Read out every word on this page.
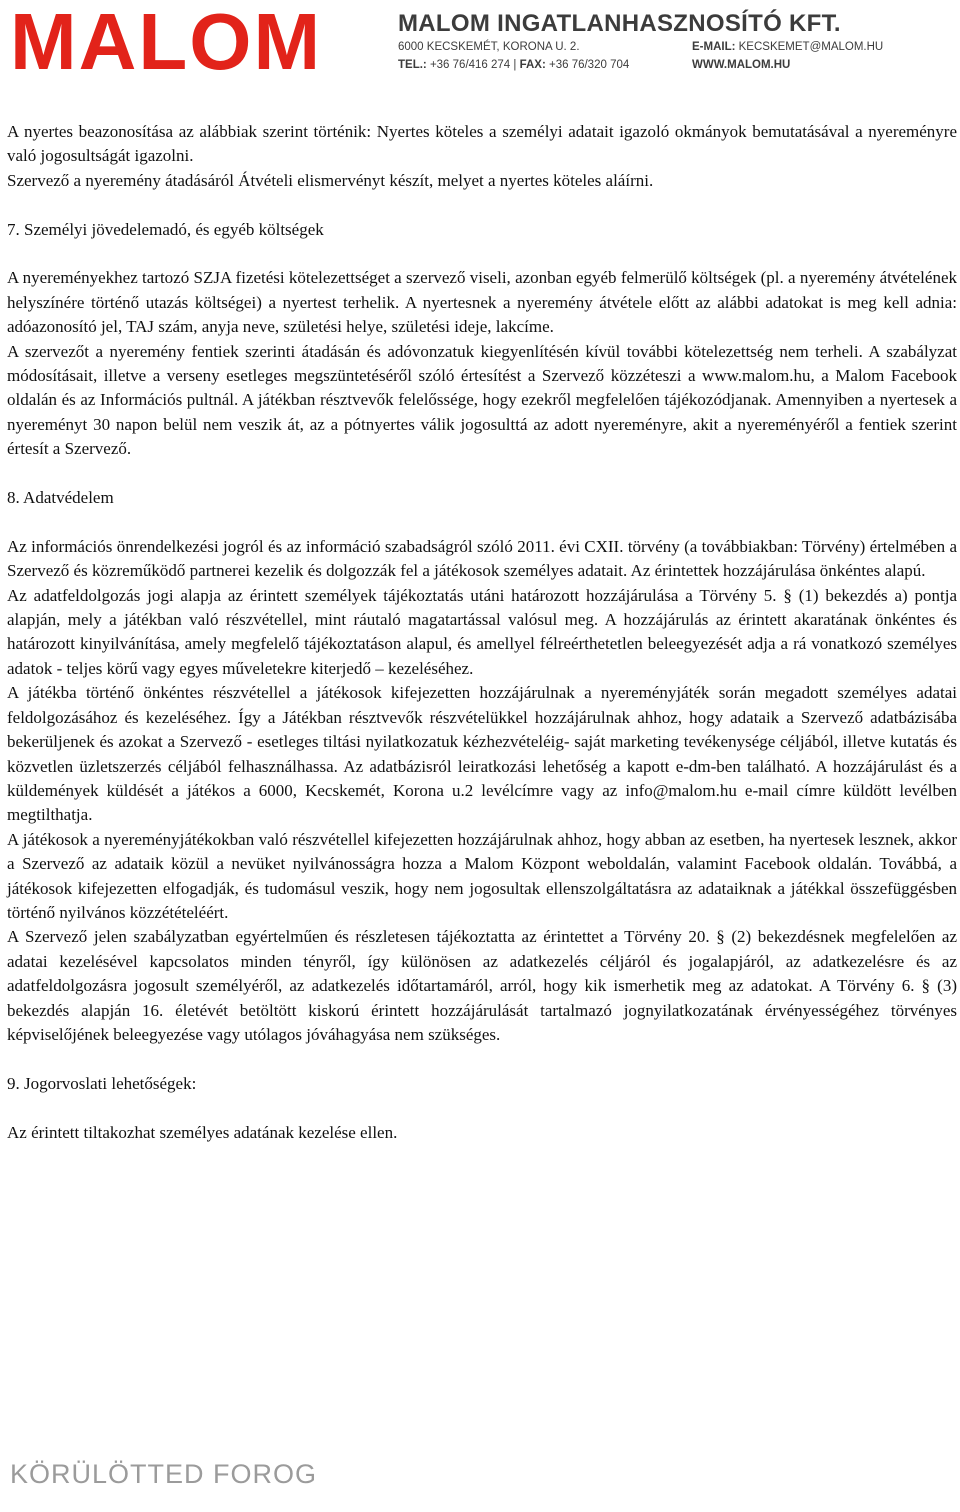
MALOM	MALOM INGATLANHASZNOSÍTÓ KFT.
6000 KECSKEMÉT, KORONA U. 2.	E-MAIL: KECSKEMET@MALOM.HU
TEL.: +36 76/416 274 | FAX: +36 76/320 704	WWW.MALOM.HU

A nyertes beazonosítása az alábbiak szerint történik: Nyertes köteles a személyi adatait igazoló okmányok bemutatásával a nyereményre való jogosultságát igazolni.

Szervező a nyeremény átadásáról Átvételi elismervényt készít, melyet a nyertes köteles aláírni.

7. Személyi jövedelemadó, és egyéb költségek

A nyereményekhez tartozó SZJA fizetési kötelezettséget a szervező viseli, azonban egyéb felmerülő költségek (pl. a nyeremény átvételének helyszínére történő utazás költségei) a nyertest terhelik. A nyertesnek a nyeremény átvétele előtt az alábbi adatokat is meg kell adnia: adóazonosító jel, TAJ szám, anyja neve, születési helye, születési ideje, lakcíme.

A szervezőt a nyeremény fentiek szerinti átadásán és adóvonzatuk kiegyenlítésén kívül további kötelezettség nem terheli. A szabályzat módosításait, illetve a verseny esetleges megszüntetéséről szóló értesítést a Szervező közzéteszi a www.malom.hu, a Malom Facebook oldalán és az Információs pultnál. A játékban résztvevők felelőssége, hogy ezekről megfelelően tájékozódjanak. Amennyiben a nyertesek a nyereményt 30 napon belül nem veszik át, az a pótnyertes válik jogosulttá az adott nyereményre, akit a nyereményéről a fentiek szerint értesít a Szervező.

8. Adatvédelem

Az információs önrendelkezési jogról és az információ szabadságról szóló 2011. évi CXII. törvény (a továbbiakban: Törvény) értelmében a Szervező és közreműködő partnerei kezelik és dolgozzák fel a játékosok személyes adatait. Az érintettek hozzájárulása önkéntes alapú.

Az adatfeldolgozás jogi alapja az érintett személyek tájékoztatás utáni határozott hozzájárulása a Törvény 5. § (1) bekezdés a) pontja alapján, mely a játékban való részvétellel, mint ráutaló magatartással valósul meg. A hozzájárulás az érintett akaratának önkéntes és határozott kinyilvánítása, amely megfelelő tájékoztatáson alapul, és amellyel félreérthetetlen beleegyezését adja a rá vonatkozó személyes adatok - teljes körű vagy egyes műveletekre kiterjedő – kezeléséhez.

A játékba történő önkéntes részvétellel a játékosok kifejezetten hozzájárulnak a nyereményjáték során megadott személyes adatai feldolgozásához és kezeléséhez. Így a Játékban résztvevők részvételükkel hozzájárulnak ahhoz, hogy adataik a Szervező adatbázisába bekerüljenek és azokat a Szervező - esetleges tiltási nyilatkozatuk kézhezvételéig- saját marketing tevékenysége céljából, illetve kutatás és közvetlen üzletszerzés céljából felhasználhassa. Az adatbázisról leiratkozási lehetőség a kapott e-dm-ben található. A hozzájárulást és a küldemények küldését a játékos a 6000, Kecskemét, Korona u.2 levélcímre vagy az info@malom.hu e-mail címre küldött levélben megtilthatja.

A játékosok a nyereményjátékokban való részvétellel kifejezetten hozzájárulnak ahhoz, hogy abban az esetben, ha nyertesek lesznek, akkor a Szervező az adataik közül a nevüket nyilvánosságra hozza a Malom Központ weboldalán, valamint Facebook oldalán. Továbbá, a játékosok kifejezetten elfogadják, és tudomásul veszik, hogy nem jogosultak ellenszolgáltatásra az adataiknak a játékkal összefüggésben történő nyilvános közzétételéért.

A Szervező jelen szabályzatban egyértelműen és részletesen tájékoztatta az érintettet a Törvény 20. § (2) bekezdésnek megfelelően az adatai kezelésével kapcsolatos minden tényről, így különösen az adatkezelés céljáról és jogalapjáról, az adatkezelésre és az adatfeldolgozásra jogosult személyéről, az adatkezelés időtartamáról, arról, hogy kik ismerhetik meg az adatokat. A Törvény 6. § (3) bekezdés alapján 16. életévét betöltött kiskorú érintett hozzájárulását tartalmazó jognyilatkozatának érvényességéhez törvényes képviselőjének beleegyezése vagy utólagos jóváhagyása nem szükséges.

9. Jogorvoslati lehetőségek:

Az érintett tiltakozhat személyes adatának kezelése ellen.

KÖRÜLÖTTED FOROG
